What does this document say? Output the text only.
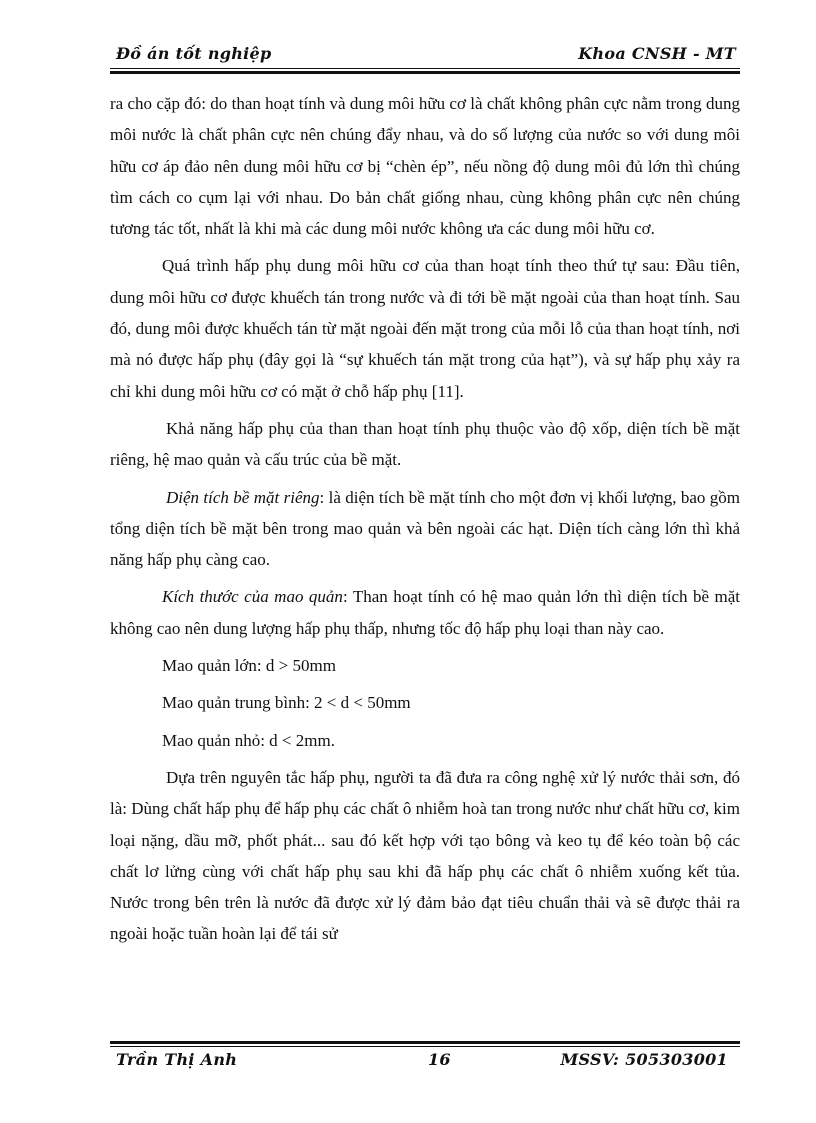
Đồ án tốt nghiệp	Khoa CNSH - MT

ra cho cặp đó: do than hoạt tính và dung môi hữu cơ là chất không phân cực nằm trong dung môi nước là chất phân cực nên chúng đẩy nhau, và do số lượng của nước so với dung môi hữu cơ áp đảo nên dung môi hữu cơ bị “chèn ép”, nếu nồng độ dung môi đủ lớn thì chúng tìm cách co cụm lại với nhau. Do bản chất giống nhau, cùng không phân cực nên chúng tương tác tốt, nhất là khi mà các dung môi nước không ưa các dung môi hữu cơ.

Quá trình hấp phụ dung môi hữu cơ của than hoạt tính theo thứ tự sau: Đầu tiên, dung môi hữu cơ được khuếch tán trong nước và đi tới bề mặt ngoài của than hoạt tính. Sau đó, dung môi được khuếch tán từ mặt ngoài đến mặt trong của mỗi lỗ của than hoạt tính, nơi mà nó được hấp phụ (đây gọi là “sự khuếch tán mặt trong của hạt”), và sự hấp phụ xảy ra chỉ khi dung môi hữu cơ có mặt ở chỗ hấp phụ [11].

Khả năng hấp phụ của than than hoạt tính phụ thuộc vào độ xốp, diện tích bề mặt riêng, hệ mao quản và cấu trúc của bề mặt.

Diện tích bề mặt riêng: là diện tích bề mặt tính cho một đơn vị khối lượng, bao gồm tổng diện tích bề mặt bên trong mao quản và bên ngoài các hạt. Diện tích càng lớn thì khả năng hấp phụ càng cao.

Kích thước của mao quản: Than hoạt tính có hệ mao quản lớn thì diện tích bề mặt không cao nên dung lượng hấp phụ thấp, nhưng tốc độ hấp phụ loại than này cao.

Mao quản lớn: d > 50mm

Mao quản trung bình: 2 < d < 50mm

Mao quản nhỏ: d < 2mm.

Dựa trên nguyên tắc hấp phụ, người ta đã đưa ra công nghệ xử lý nước thải sơn, đó là: Dùng chất hấp phụ để hấp phụ các chất ô nhiễm hoà tan trong nước như chất hữu cơ, kim loại nặng, dầu mỡ, phốt phát... sau đó kết hợp với tạo bông và keo tụ để kéo toàn bộ các chất lơ lửng cùng với chất hấp phụ sau khi đã hấp phụ các chất ô nhiễm xuống kết tủa. Nước trong bên trên là nước đã được xử lý đảm bảo đạt tiêu chuẩn thải và sẽ được thải ra ngoài hoặc tuần hoàn lại để tái sử

Trần Thị Anh	16	MSSV: 505303001
